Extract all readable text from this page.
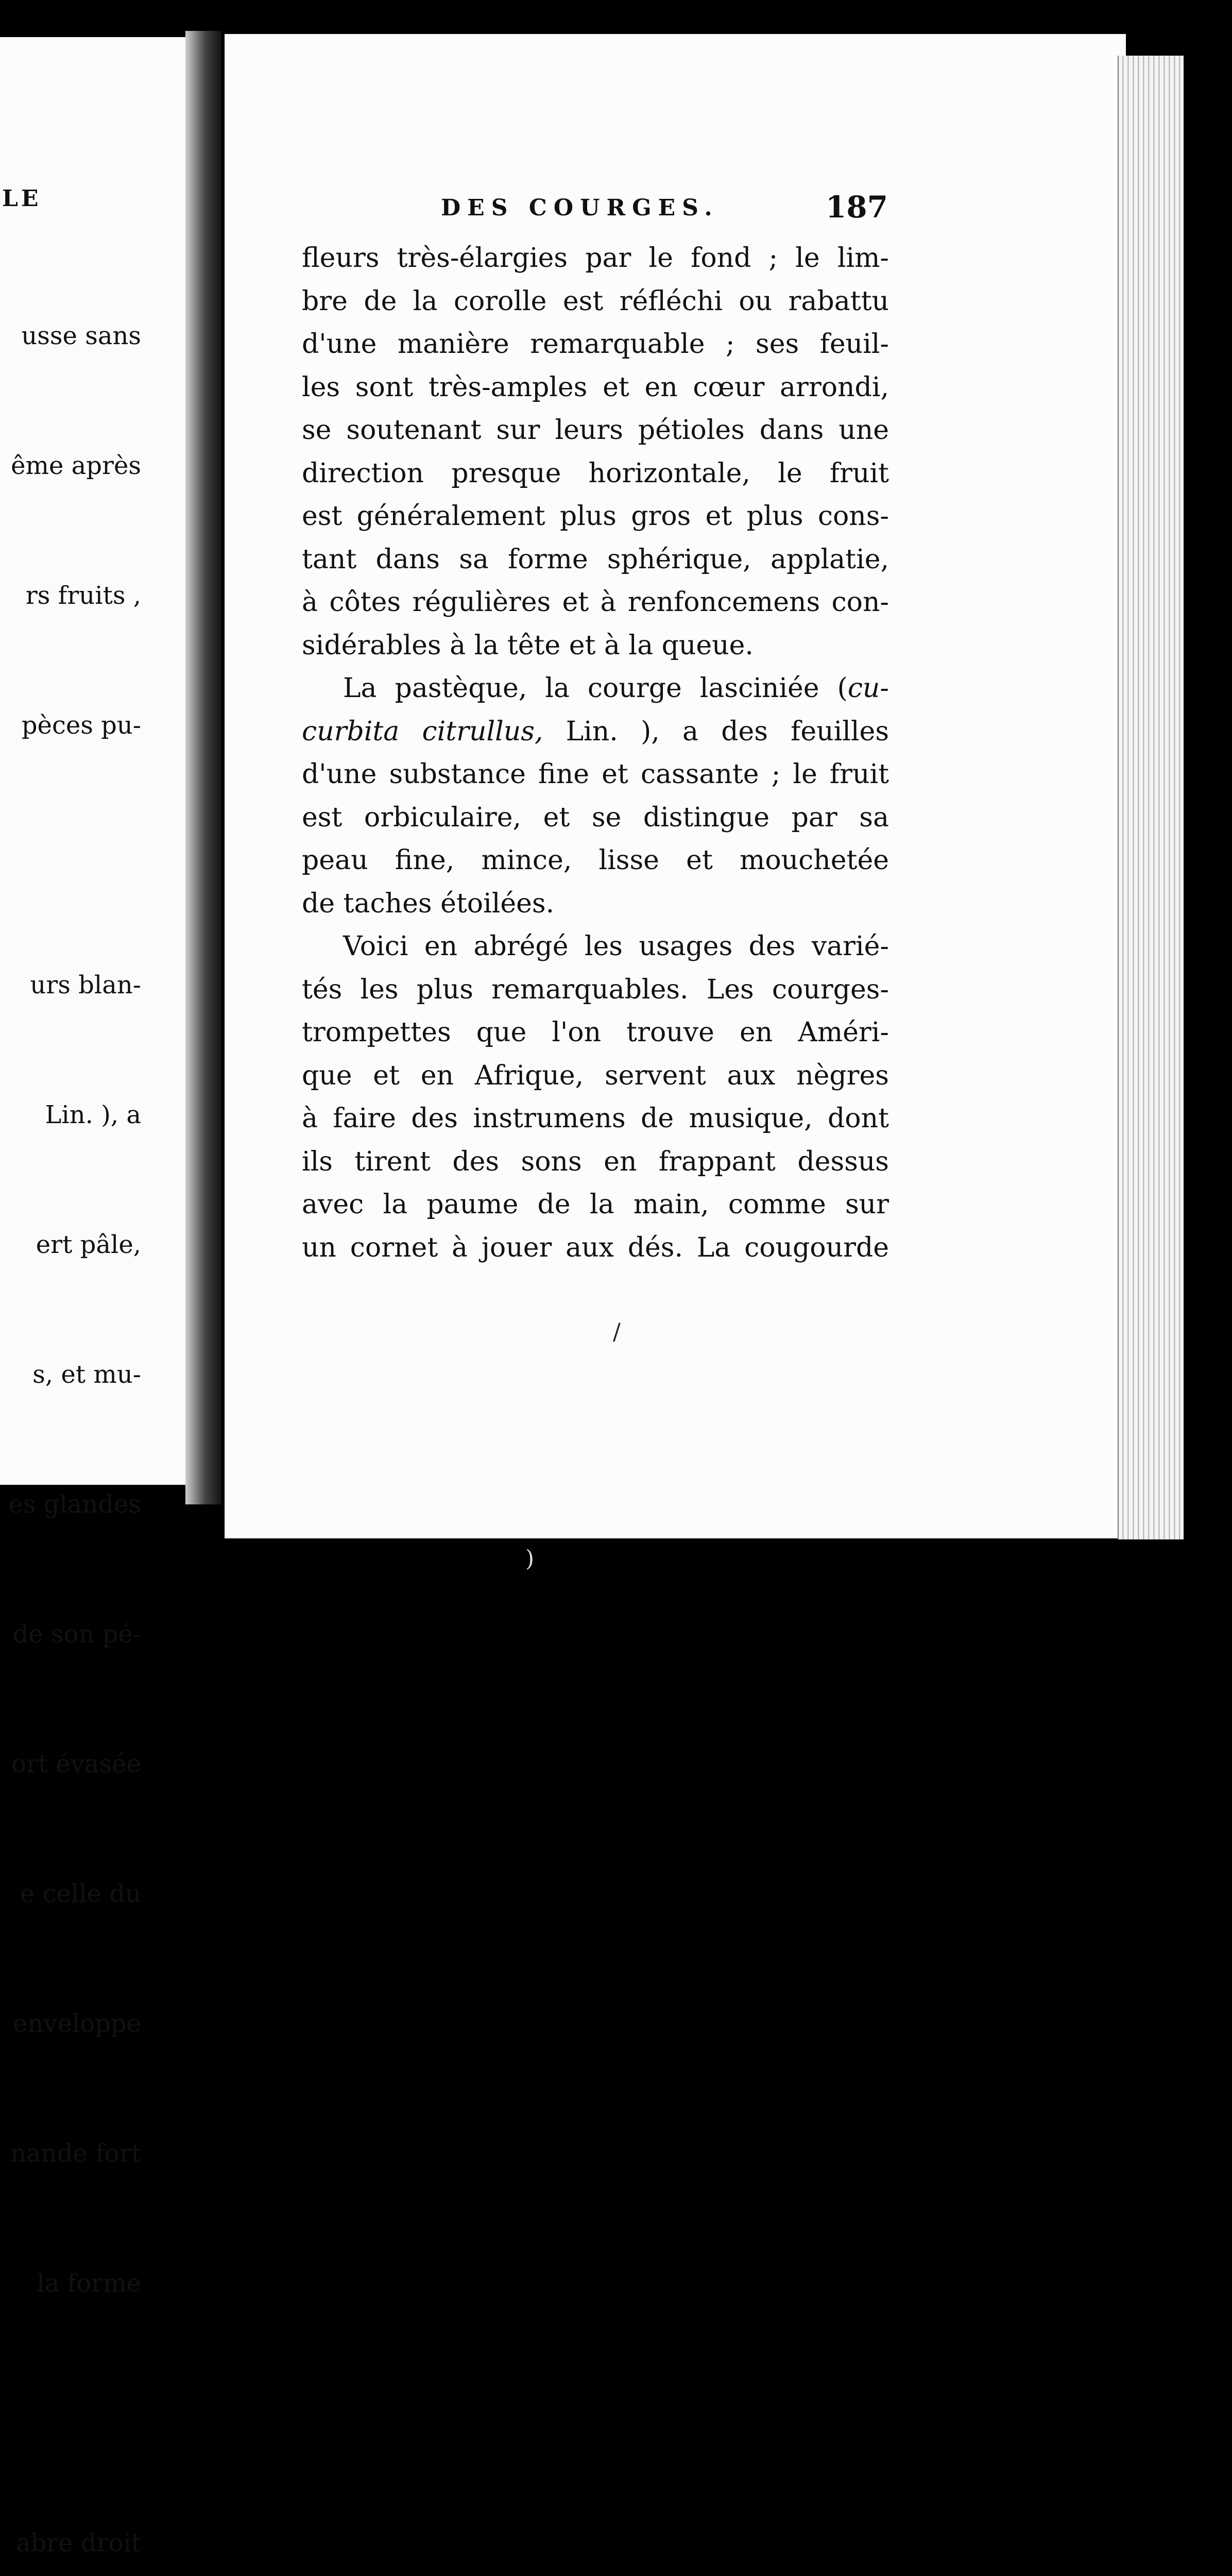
LE

usse sans

ême après

rs fruits ,

pèces pu-

urs blan-

Lin. ), a

ert pâle,

s, et mu-

es glandes

de son pé-

ort évasée

e celle du

enveloppe

nande fort

la forme

abre droit

DES COURGES.	187
fleurs très-élargies par le fond ; le lim-
bre de la corolle est réfléchi ou rabattu
d'une manière remarquable ; ses feuil-
les sont très-amples et en cœur arrondi,
se soutenant sur leurs pétioles dans une
direction presque horizontale, le fruit
est généralement plus gros et plus cons-
tant dans sa forme sphérique, applatie,
à côtes régulières et à renfoncemens con-
sidérables à la tête et à la queue.
La pastèque, la courge lasciniée (cu-
curbita citrullus, Lin. ), a des feuilles
d'une substance fine et cassante ; le fruit
est orbiculaire, et se distingue par sa
peau fine, mince, lisse et mouchetée
de taches étoilées.
Voici en abrégé les usages des varié-
tés les plus remarquables. Les courges-
trompettes que l'on trouve en Améri-
que et en Afrique, servent aux nègres
à faire des instrumens de musique, dont
ils tirent des sons en frappant dessus
avec la paume de la main, comme sur
un cornet à jouer aux dés. La cougourde
/
)
